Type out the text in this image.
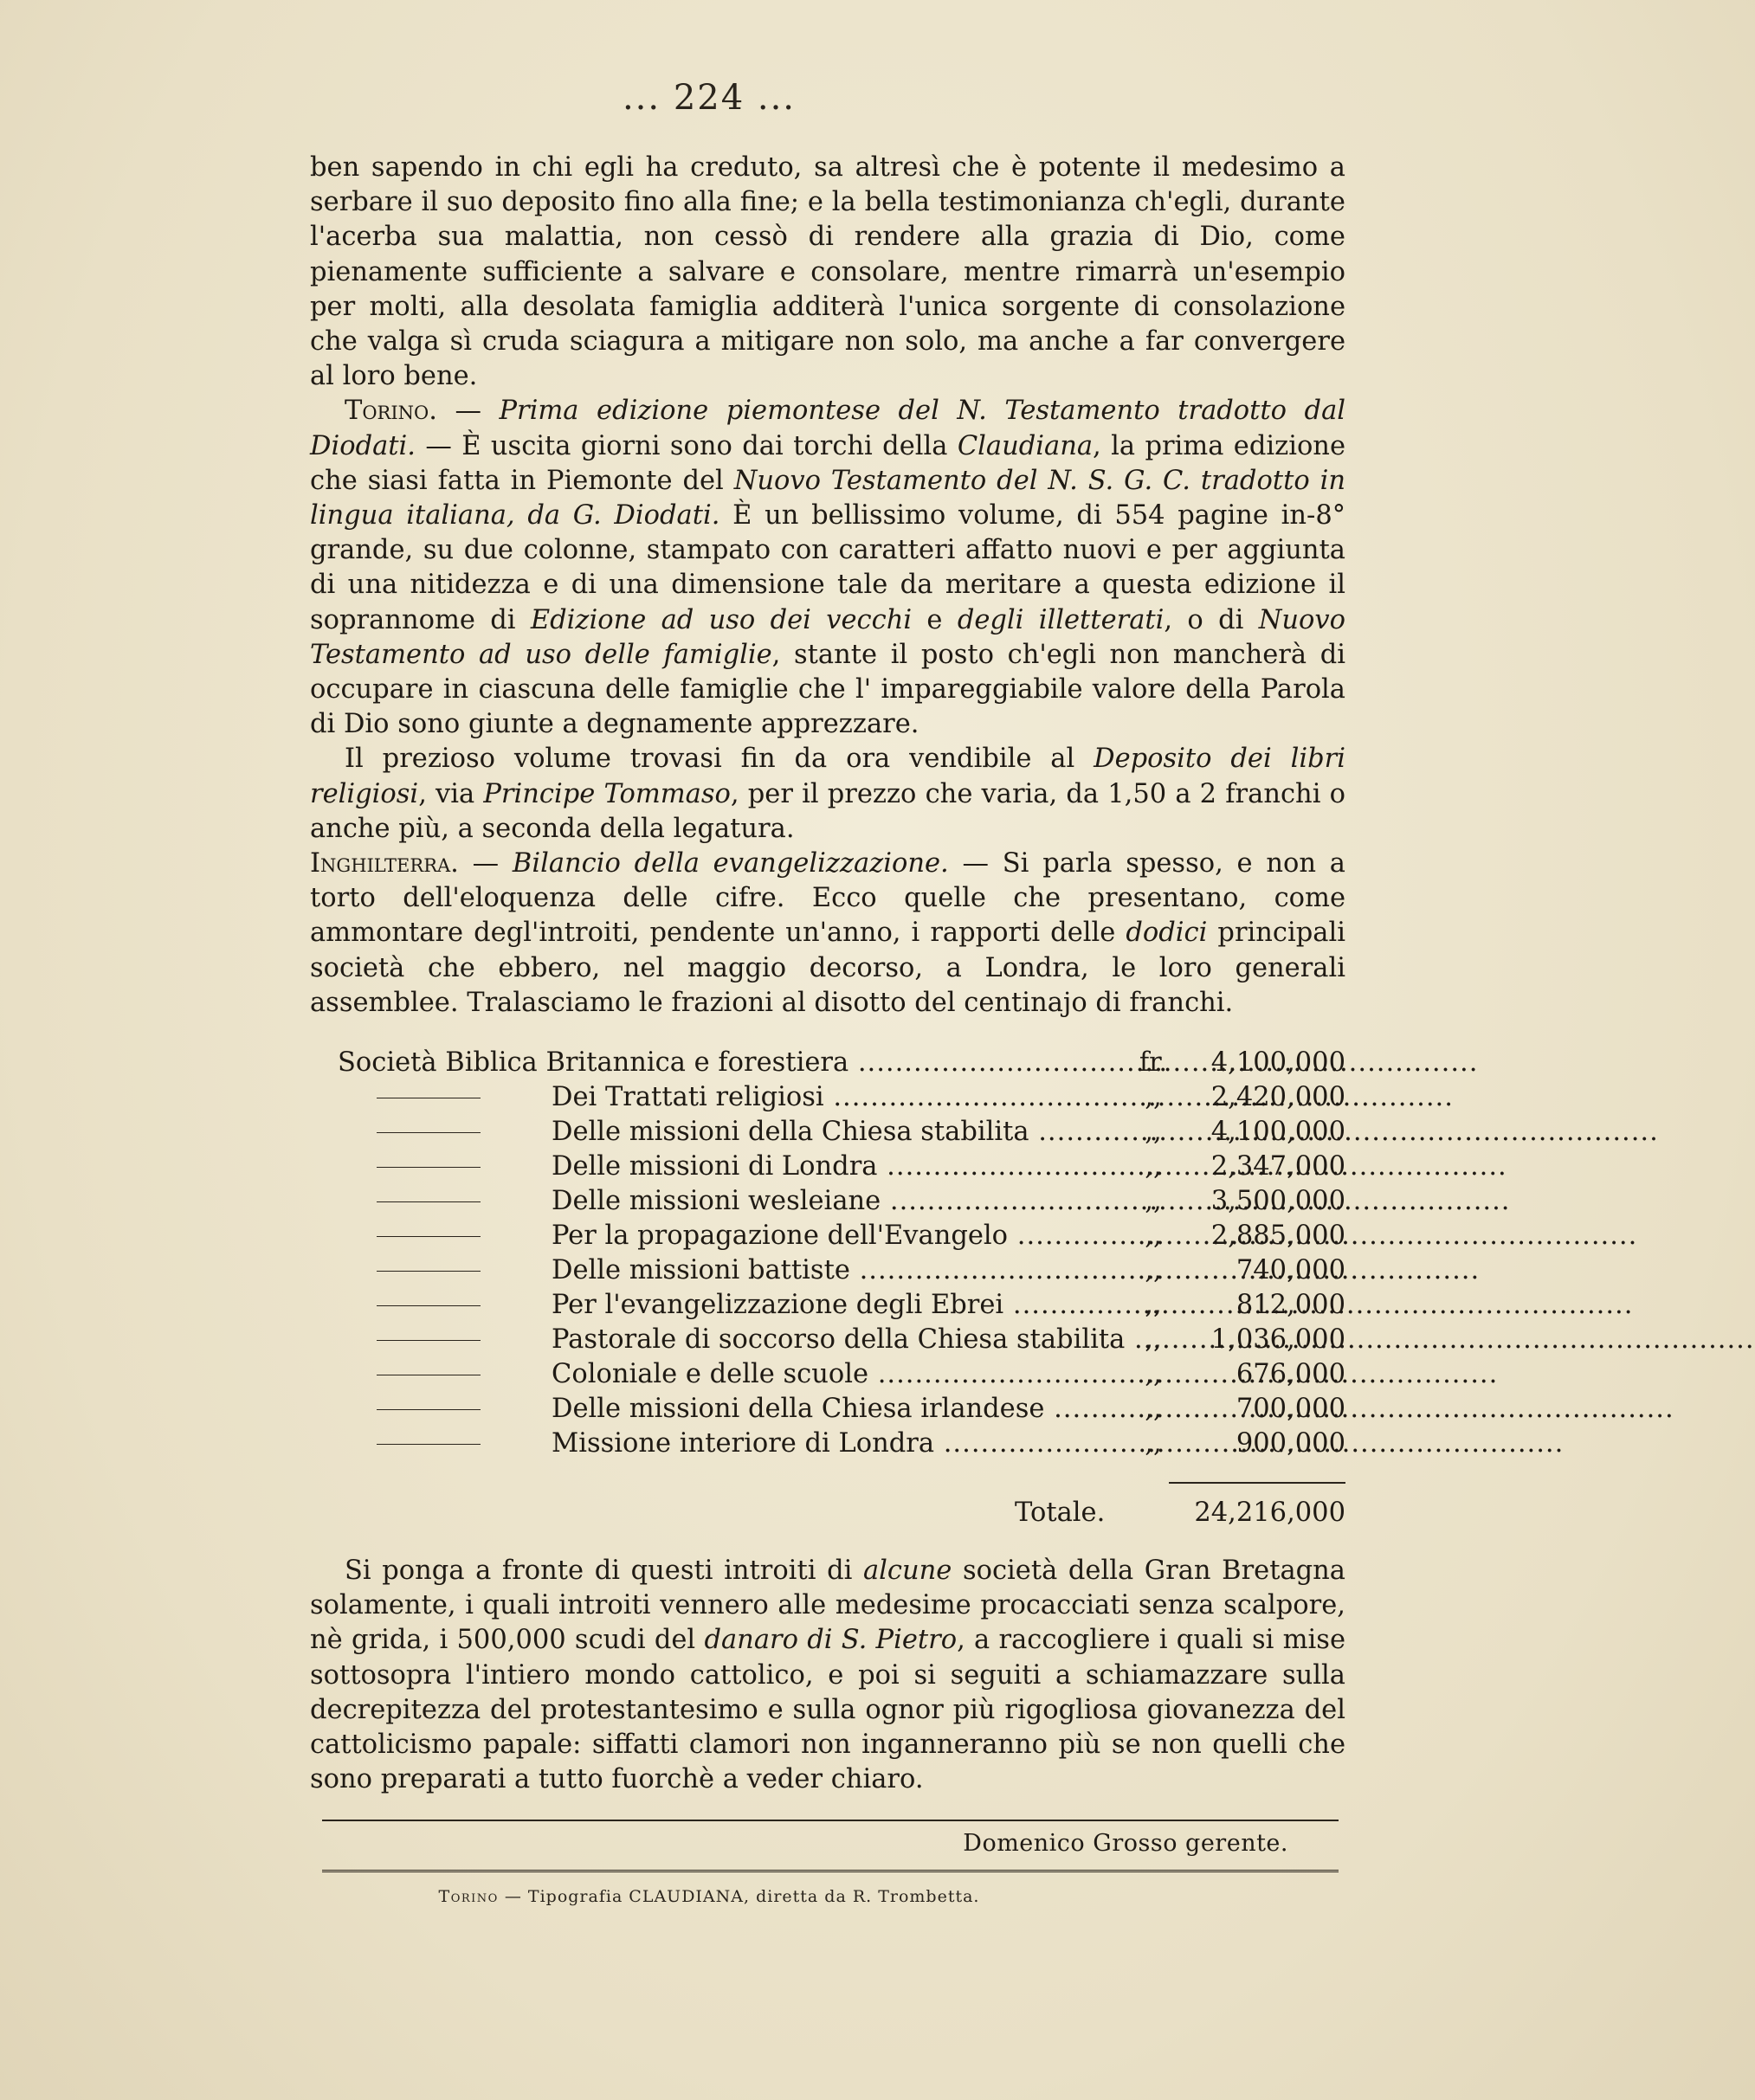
... 224 ...

ben sapendo in chi egli ha creduto, sa altresì che è potente il medesimo a serbare il suo deposito fino alla fine; e la bella testimonianza ch'egli, durante l'acerba sua malattia, non cessò di rendere alla grazia di Dio, come pienamente sufficiente a salvare e consolare, mentre rimarrà un'esempio per molti, alla desolata famiglia additerà l'unica sorgente di consolazione che valga sì cruda sciagura a mitigare non solo, ma anche a far convergere al loro bene.

Torino. — Prima edizione piemontese del N. Testamento tradotto dal Diodati. — È uscita giorni sono dai torchi della Claudiana, la prima edizione che siasi fatta in Piemonte del Nuovo Testamento del N. S. G. C. tradotto in lingua italiana, da G. Diodati. È un bellissimo volume, di 554 pagine in-8° grande, su due colonne, stampato con caratteri affatto nuovi e per aggiunta di una nitidezza e di una dimensione tale da meritare a questa edizione il soprannome di Edizione ad uso dei vecchi e degli illetterati, o di Nuovo Testamento ad uso delle famiglie, stante il posto ch'egli non mancherà di occupare in ciascuna delle famiglie che l' impareggiabile valore della Parola di Dio sono giunte a degnamente apprezzare.

Il prezioso volume trovasi fin da ora vendibile al Deposito dei libri religiosi, via Principe Tommaso, per il prezzo che varia, da 1,50 a 2 franchi o anche più, a seconda della legatura.

Inghilterra. — Bilancio della evangelizzazione. — Si parla spesso, e non a torto dell'eloquenza delle cifre. Ecco quelle che presentano, come ammontare degl'introiti, pendente un'anno, i rapporti delle dodici principali società che ebbero, nel maggio decorso, a Londra, le loro generali assemblee. Tralasciamo le frazioni al disotto del centinajo di franchi.

Società Biblica Britannica e forestiera .....	fr.	4,100,000
Dei Trattati religiosi .....	,,	2,420,000
Delle missioni della Chiesa stabilita .....	,,	4,100,000
Delle missioni di Londra .....	,,	2,347,000
Delle missioni wesleiane .....	,,	3,500,000
Per la propagazione dell'Evangelo .....	,,	2,885,000
Delle missioni battiste .....	,,	740,000
Per l'evangelizzazione degli Ebrei .....	,,	812,000
Pastorale di soccorso della Chiesa stabilita ..... ,,	1,036,000
Coloniale e delle scuole .....	,,	676,000
Delle missioni della Chiesa irlandese .....	,,	700,000
Missione interiore di Londra .....	,,	900,000
Totale.	24,216,000

Si ponga a fronte di questi introiti di alcune società della Gran Bretagna solamente, i quali introiti vennero alle medesime procacciati senza scalpore, nè grida, i 500,000 scudi del danaro di S. Pietro, a raccogliere i quali si mise sottosopra l'intiero mondo cattolico, e poi si seguiti a schiamazzare sulla decrepitezza del protestantesimo e sulla ognor più rigogliosa giovanezza del cattolicismo papale: siffatti clamori non inganneranno più se non quelli che sono preparati a tutto fuorchè a veder chiaro.

Domenico Grosso gerente.
Torino — Tipografia CLAUDIANA, diretta da R. Trombetta.
